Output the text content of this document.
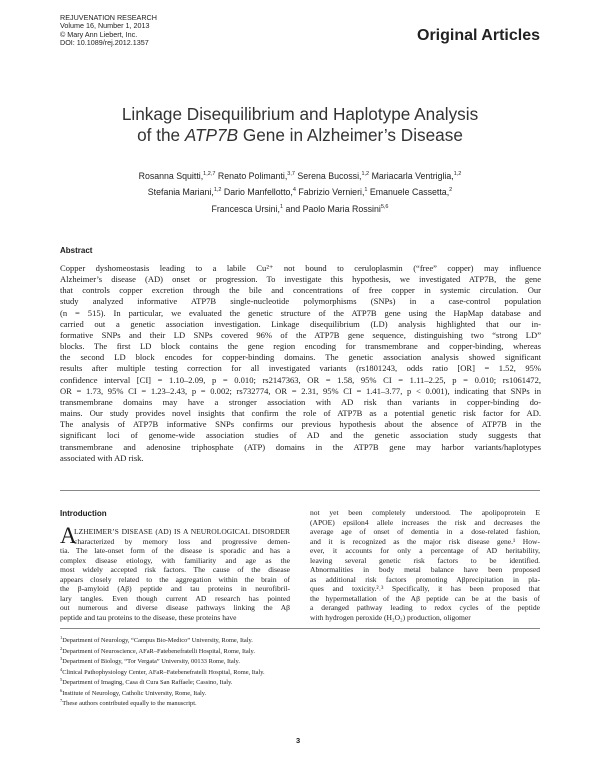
REJUVENATION RESEARCH
Volume 16, Number 1, 2013
© Mary Ann Liebert, Inc.
DOI: 10.1089/rej.2012.1357	Original Articles
Linkage Disequilibrium and Haplotype Analysis
of the ATP7B Gene in Alzheimer’s Disease
Rosanna Squitti,$^{1,2,7}$ Renato Polimanti,$^{3,7}$ Serena Bucossi,$^{1,2}$ Mariacarla Ventriglia,$^{1,2}$
Stefania Mariani,$^{1,2}$ Dario Manfellotto,$^4$ Fabrizio Vernieri,$^1$ Emanuele Cassetta,$^2$
Francesca Ursini,$^1$ and Paolo Maria Rossini$^{5,6}$
Abstract
Copper dyshomeostasis leading to a labile Cu²⁺ not bound to ceruloplasmin (“free” copper) may influence
Alzheimer’s disease (AD) onset or progression. To investigate this hypothesis, we investigated ATP7B, the gene
that controls copper excretion through the bile and concentrations of free copper in systemic circulation. Our
study analyzed informative ATP7B single-nucleotide polymorphisms (SNPs) in a case-control population
(n = 515). In particular, we evaluated the genetic structure of the ATP7B gene using the HapMap database and
carried out a genetic association investigation. Linkage disequilibrium (LD) analysis highlighted that our in-
formative SNPs and their LD SNPs covered 96% of the ATP7B gene sequence, distinguishing two “strong LD”
blocks. The first LD block contains the gene region encoding for transmembrane and copper-binding, whereas
the second LD block encodes for copper-binding domains. The genetic association analysis showed significant
results after multiple testing correction for all investigated variants (rs1801243, odds ratio [OR] = 1.52, 95%
confidence interval [CI] = 1.10–2.09, p = 0.010; rs2147363, OR = 1.58, 95% CI = 1.11–2.25, p = 0.010; rs1061472,
OR = 1.73, 95% CI = 1.23–2.43, p = 0.002; rs732774, OR = 2.31, 95% CI = 1.41–3.77, p < 0.001), indicating that SNPs in
transmembrane domains may have a stronger association with AD risk than variants in copper-binding do-
mains. Our study provides novel insights that confirm the role of ATP7B as a potential genetic risk factor for AD.
The analysis of ATP7B informative SNPs confirms our previous hypothesis about the absence of ATP7B in the
significant loci of genome-wide association studies of AD and the genetic association study suggests that
transmembrane and adenosine triphosphate (ATP) domains in the ATP7B gene may harbor variants/haplotypes
associated with AD risk.
Introduction
A
LZHEIMER’S DISEASE (AD) IS A NEUROLOGICAL DISORDER
characterized by memory loss and progressive demen-
tia. The late-onset form of the disease is sporadic and has a
complex disease etiology, with familiarity and age as the
most widely accepted risk factors. The cause of the disease
appears closely related to the aggregation within the brain of
the β-amyloid (Aβ) peptide and tau proteins in neurofibril-
lary tangles. Even though current AD research has pointed
out numerous and diverse disease pathways linking the Aβ
peptide and tau proteins to the disease, these proteins have
not yet been completely understood. The apolipoprotein E
(APOE) epsilon4 allele increases the risk and decreases the
average age of onset of dementia in a dose-related fashion,
and it is recognized as the major risk disease gene.¹ How-
ever, it accounts for only a percentage of AD heritability,
leaving several genetic risk factors to be identified.
Abnormalities in body metal balance have been proposed
as additional risk factors promoting Aβprecipitation in pla-
ques and toxicity.²˒³ Specifically, it has been proposed that
the hypermetallation of the Aβ peptide can be at the basis of
a deranged pathway leading to redox cycles of the peptide
with hydrogen peroxide (H₂O₂) production, oligomer
$^1$Department of Neurology, “Campus Bio-Medico” University, Rome, Italy.
$^2$Department of Neuroscience, AFaR–Fatebenefratelli Hospital, Rome, Italy.
$^3$Department of Biology, “Tor Vergata” University, 00133 Rome, Italy.
$^4$Clinical Pathophysiology Center, AFaR–Fatebenefratelli Hospital, Rome, Italy.
$^5$Department of Imaging, Casa di Cura San Raffaele; Cassino, Italy.
$^6$Institute of Neurology, Catholic University, Rome, Italy.
$^7$These authors contributed equally to the manuscript.
3
